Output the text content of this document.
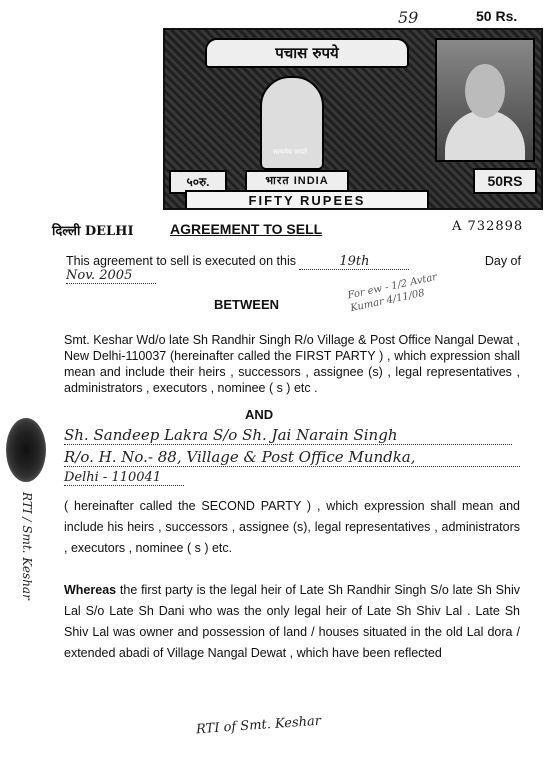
59	50 Rs.
पचास रुपये
सत्यमेव जयते
भारत INDIA
५०रु.	50RS
FIFTY RUPEES
दिल्ली DELHI	AGREEMENT TO SELL	A 732898
This agreement to sell is executed on this	19th	Day of
Nov. 2005	For ew - 1/2 Avtar Kumar 4/11/08
BETWEEN

Smt. Keshar Wd/o late Sh Randhir Singh R/o Village & Post Office Nangal Dewat , New Delhi-110037 (hereinafter called the FIRST PARTY ) , which expression shall mean and include their heirs , successors , assignee (s) , legal representatives , administrators , executors , nominee ( s ) etc .

AND
Sh. Sandeep Lakra S/o Sh. Jai Narain Singh
R/o. H. No.- 88, Village & Post Office Mundka,
Delhi - 110041

( hereinafter called the SECOND PARTY ) , which expression shall mean and include his heirs , successors , assignee (s), legal representatives , administrators , executors , nominee ( s ) etc.

Whereas the first party is the legal heir of Late Sh Randhir Singh S/o late Sh Shiv Lal S/o Late Sh Dani who was the only legal heir of Late Sh Shiv Lal . Late Sh Shiv Lal was owner and possession of land / houses situated in the old Lal dora / extended abadi of Village Nangal Dewat , which have been reflected

RTI / Smt. Keshar
RTI of Smt. Keshar
